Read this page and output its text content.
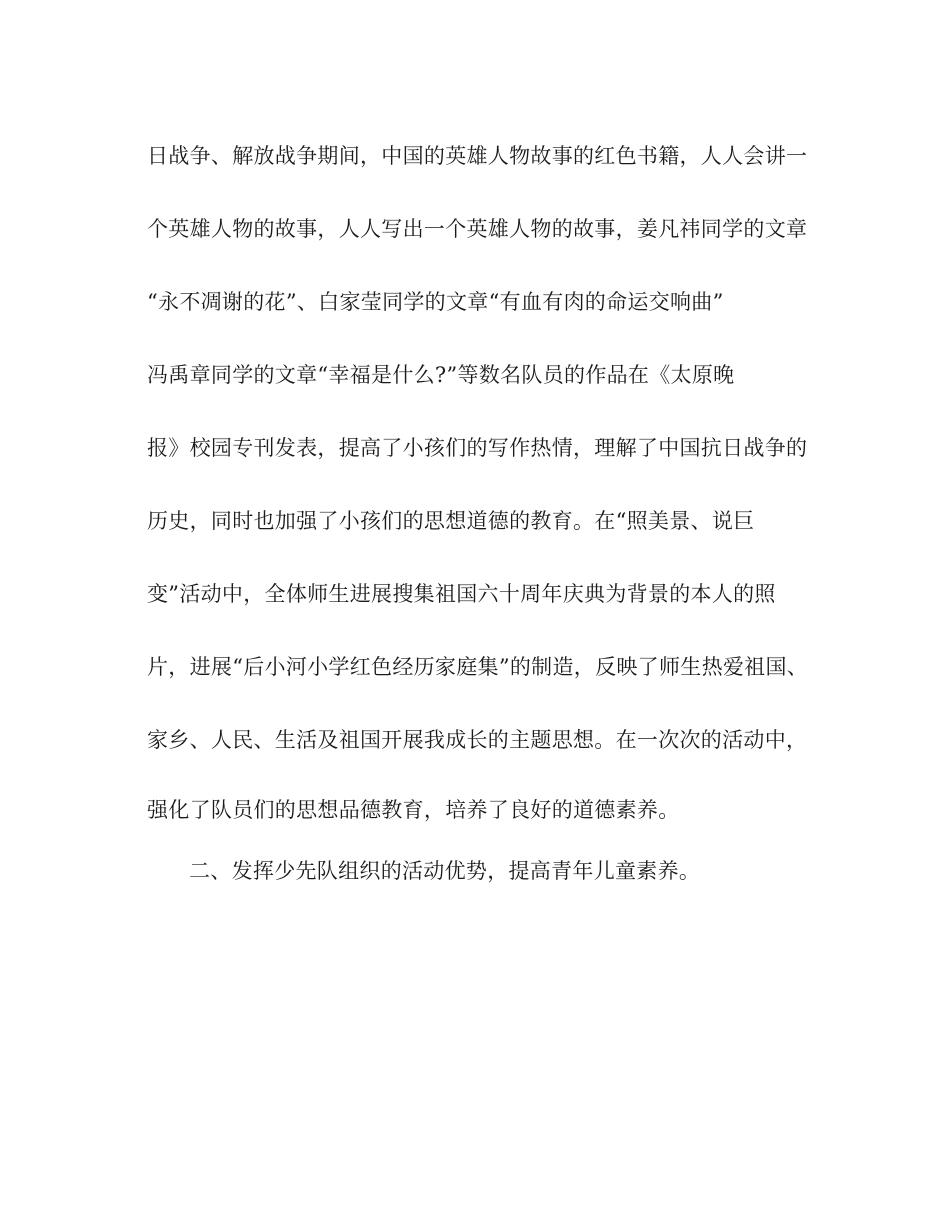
日战争、解放战争期间，中国的英雄人物故事的红色书籍，人人会讲一
个英雄人物的故事，人人写出一个英雄人物的故事，姜凡祎同学的文章
“永不凋谢的花”、白家莹同学的文章“有血有肉的命运交响曲”
冯禹章同学的文章“幸福是什么?”等数名队员的作品在《太原晚
报》校园专刊发表，提高了小孩们的写作热情，理解了中国抗日战争的
历史，同时也加强了小孩们的思想道德的教育。在“照美景、说巨
变”活动中，全体师生进展搜集祖国六十周年庆典为背景的本人的照
片，进展“后小河小学红色经历家庭集”的制造，反映了师生热爱祖国、
家乡、人民、生活及祖国开展我成长的主题思想。在一次次的活动中，
强化了队员们的思想品德教育，培养了良好的道德素养。
二、发挥少先队组织的活动优势，提高青年儿童素养。
